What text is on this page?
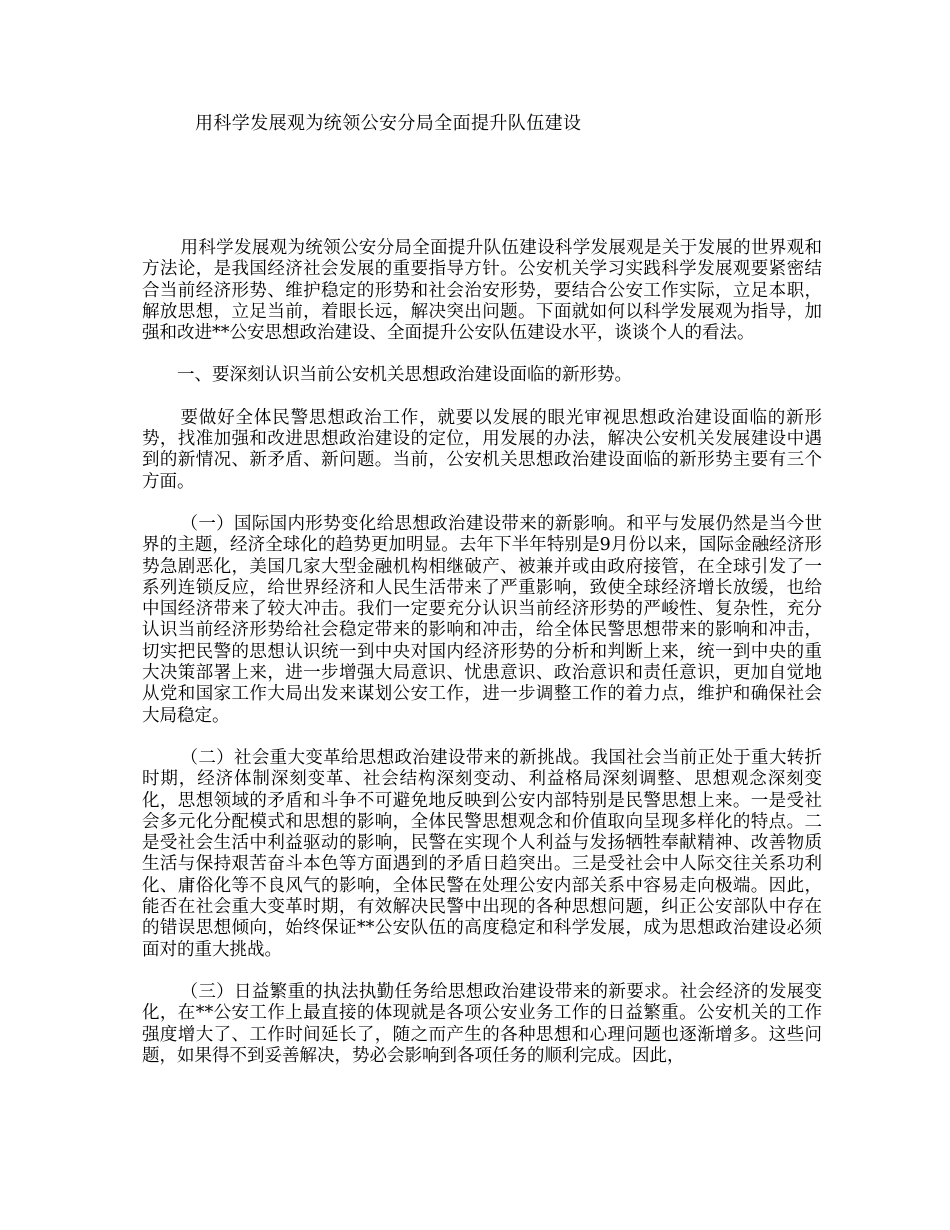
用科学发展观为统领公安分局全面提升队伍建设

用科学发展观为统领公安分局全面提升队伍建设科学发展观是关于发展的世界观和方法论，是我国经济社会发展的重要指导方针。公安机关学习实践科学发展观要紧密结合当前经济形势、维护稳定的形势和社会治安形势，要结合公安工作实际，立足本职，解放思想，立足当前，着眼长远，解决突出问题。下面就如何以科学发展观为指导，加强和改进**公安思想政治建设、全面提升公安队伍建设水平，谈谈个人的看法。

一、要深刻认识当前公安机关思想政治建设面临的新形势。

要做好全体民警思想政治工作，就要以发展的眼光审视思想政治建设面临的新形势，找准加强和改进思想政治建设的定位，用发展的办法，解决公安机关发展建设中遇到的新情况、新矛盾、新问题。当前，公安机关思想政治建设面临的新形势主要有三个方面。

（一）国际国内形势变化给思想政治建设带来的新影响。和平与发展仍然是当今世界的主题，经济全球化的趋势更加明显。去年下半年特别是9月份以来，国际金融经济形势急剧恶化，美国几家大型金融机构相继破产、被兼并或由政府接管，在全球引发了一系列连锁反应，给世界经济和人民生活带来了严重影响，致使全球经济增长放缓，也给中国经济带来了较大冲击。我们一定要充分认识当前经济形势的严峻性、复杂性，充分认识当前经济形势给社会稳定带来的影响和冲击，给全体民警思想带来的影响和冲击，切实把民警的思想认识统一到中央对国内经济形势的分析和判断上来，统一到中央的重大决策部署上来，进一步增强大局意识、忧患意识、政治意识和责任意识，更加自觉地从党和国家工作大局出发来谋划公安工作，进一步调整工作的着力点，维护和确保社会大局稳定。

（二）社会重大变革给思想政治建设带来的新挑战。我国社会当前正处于重大转折时期，经济体制深刻变革、社会结构深刻变动、利益格局深刻调整、思想观念深刻变化，思想领域的矛盾和斗争不可避免地反映到公安内部特别是民警思想上来。一是受社会多元化分配模式和思想的影响，全体民警思想观念和价值取向呈现多样化的特点。二是受社会生活中利益驱动的影响，民警在实现个人利益与发扬牺牲奉献精神、改善物质生活与保持艰苦奋斗本色等方面遇到的矛盾日趋突出。三是受社会中人际交往关系功利化、庸俗化等不良风气的影响，全体民警在处理公安内部关系中容易走向极端。因此，能否在社会重大变革时期，有效解决民警中出现的各种思想问题，纠正公安部队中存在的错误思想倾向，始终保证**公安队伍的高度稳定和科学发展，成为思想政治建设必须面对的重大挑战。

（三）日益繁重的执法执勤任务给思想政治建设带来的新要求。社会经济的发展变化，在**公安工作上最直接的体现就是各项公安业务工作的日益繁重。公安机关的工作强度增大了、工作时间延长了，随之而产生的各种思想和心理问题也逐渐增多。这些问题，如果得不到妥善解决，势必会影响到各项任务的顺利完成。因此，
